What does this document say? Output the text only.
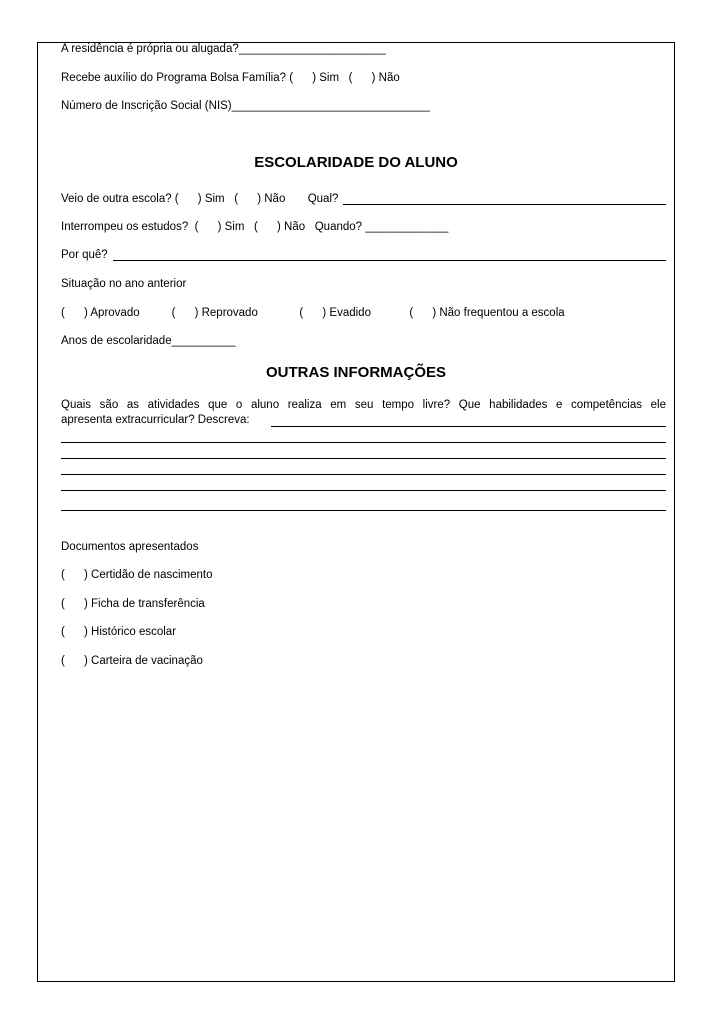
A residência é própria ou alugada?_______________________
Recebe auxílio do Programa Bolsa Família? (      ) Sim   (      ) Não
Número de Inscrição Social (NIS)_______________________________
ESCOLARIDADE DO ALUNO
Veio de outra escola? (      ) Sim   (      ) Não       Qual?
Interrompeu os estudos?  (      ) Sim   (      ) Não   Quando? _____________
Por quê?
Situação no ano anterior
(      ) Aprovado          (      ) Reprovado             (      ) Evadido            (      ) Não frequentou a escola
Anos de escolaridade__________
OUTRAS INFORMAÇÕES
Quais são as atividades que o aluno realiza em seu tempo livre? Que habilidades e competências ele
apresenta extracurricular? Descreva:
Documentos apresentados
(      ) Certidão de nascimento
(      ) Ficha de transferência
(      ) Histórico escolar
(      ) Carteira de vacinação
